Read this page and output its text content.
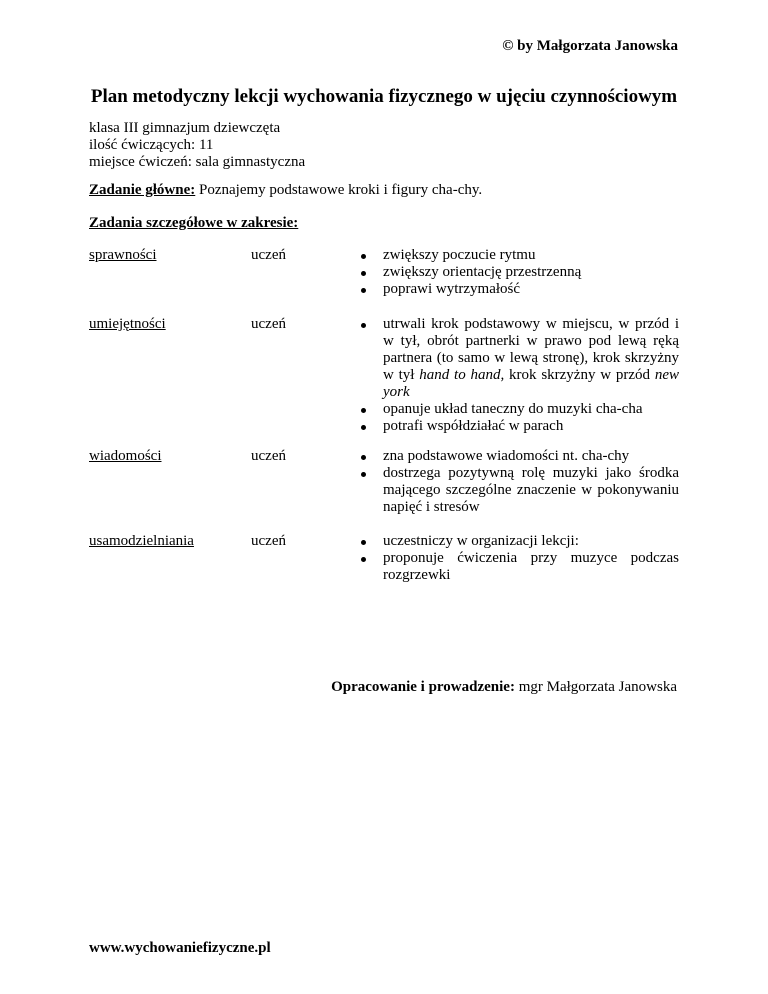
© by Małgorzata Janowska
Plan metodyczny lekcji wychowania fizycznego w ujęciu czynnościowym
klasa III gimnazjum dziewczęta
ilość ćwiczących: 11
miejsce ćwiczeń: sala gimnastyczna
Zadanie główne: Poznajemy podstawowe kroki i figury cha-chy.
Zadania szczegółowe w zakresie:
sprawności	uczeń	zwiększy poczucie rytmu
zwiększy orientację przestrzenną
poprawi wytrzymałość
umiejętności	uczeń	utrwali krok podstawowy w miejscu, w przód i w tył, obrót partnerki w prawo pod lewą ręką partnera (to samo w lewą stronę), krok skrzyżny w tył hand to hand, krok skrzyżny w przód new york
opanuje układ taneczny do muzyki cha-cha
potrafi współdziałać w parach
wiadomości	uczeń	zna podstawowe wiadomości nt. cha-chy
dostrzega pozytywną rolę muzyki jako środka mającego szczególne znaczenie w pokonywaniu napięć i stresów
usamodzielniania	uczeń	uczestniczy w organizacji lekcji:
proponuje ćwiczenia przy muzyce podczas rozgrzewki
Opracowanie i prowadzenie: mgr Małgorzata Janowska
www.wychowaniefizyczne.pl
